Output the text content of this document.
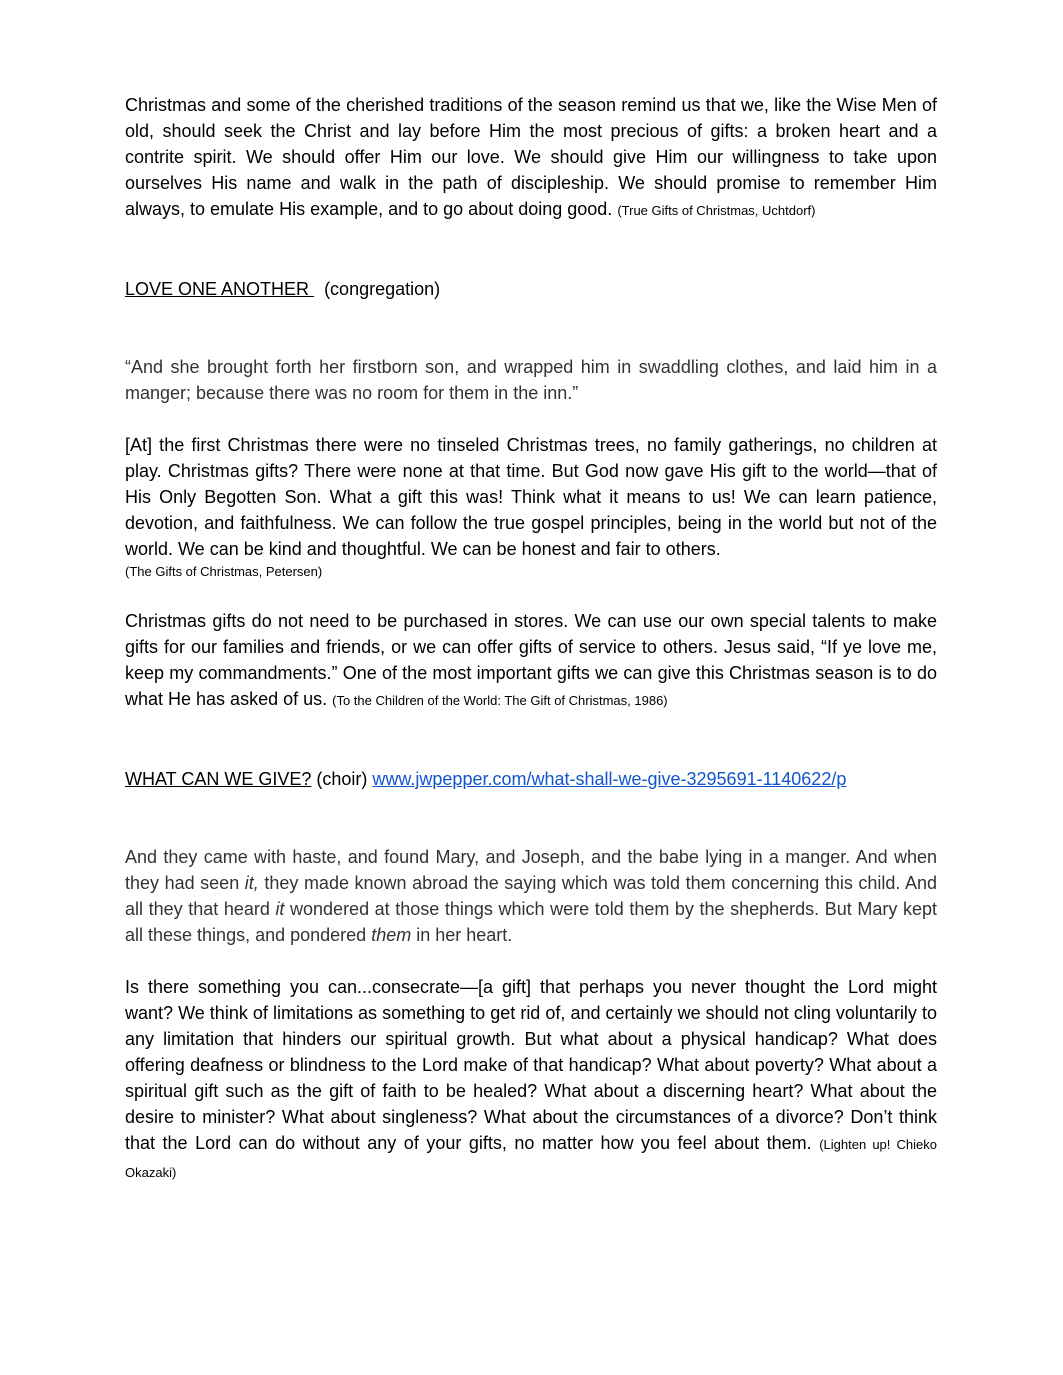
Christmas and some of the cherished traditions of the season remind us that we, like the Wise Men of old, should seek the Christ and lay before Him the most precious of gifts: a broken heart and a contrite spirit. We should offer Him our love. We should give Him our willingness to take upon ourselves His name and walk in the path of discipleship. We should promise to remember Him always, to emulate His example, and to go about doing good. (True Gifts of Christmas, Uchtdorf)

LOVE ONE ANOTHER   (congregation)

“And she brought forth her firstborn son, and wrapped him in swaddling clothes, and laid him in a manger; because there was no room for them in the inn.”

[At] the first Christmas there were no tinseled Christmas trees, no family gatherings, no children at play. Christmas gifts? There were none at that time. But God now gave His gift to the world—that of His Only Begotten Son. What a gift this was! Think what it means to us! We can learn patience, devotion, and faithfulness. We can follow the true gospel principles, being in the world but not of the world. We can be kind and thoughtful. We can be honest and fair to others.
(The Gifts of Christmas, Petersen)

Christmas gifts do not need to be purchased in stores. We can use our own special talents to make gifts for our families and friends, or we can offer gifts of service to others. Jesus said, “If ye love me, keep my commandments.” One of the most important gifts we can give this Christmas season is to do what He has asked of us. (To the Children of the World: The Gift of Christmas, 1986)

WHAT CAN WE GIVE? (choir) www.jwpepper.com/what-shall-we-give-3295691-1140622/p

And they came with haste, and found Mary, and Joseph, and the babe lying in a manger. And when they had seen it, they made known abroad the saying which was told them concerning this child. And all they that heard it wondered at those things which were told them by the shepherds. But Mary kept all these things, and pondered them in her heart.

Is there something you can...consecrate—[a gift] that perhaps you never thought the Lord might want? We think of limitations as something to get rid of, and certainly we should not cling voluntarily to any limitation that hinders our spiritual growth. But what about a physical handicap? What does offering deafness or blindness to the Lord make of that handicap? What about poverty? What about a spiritual gift such as the gift of faith to be healed? What about a discerning heart? What about the desire to minister? What about singleness? What about the circumstances of a divorce? Don’t think that the Lord can do without any of your gifts, no matter how you feel about them. (Lighten up! Chieko Okazaki)
